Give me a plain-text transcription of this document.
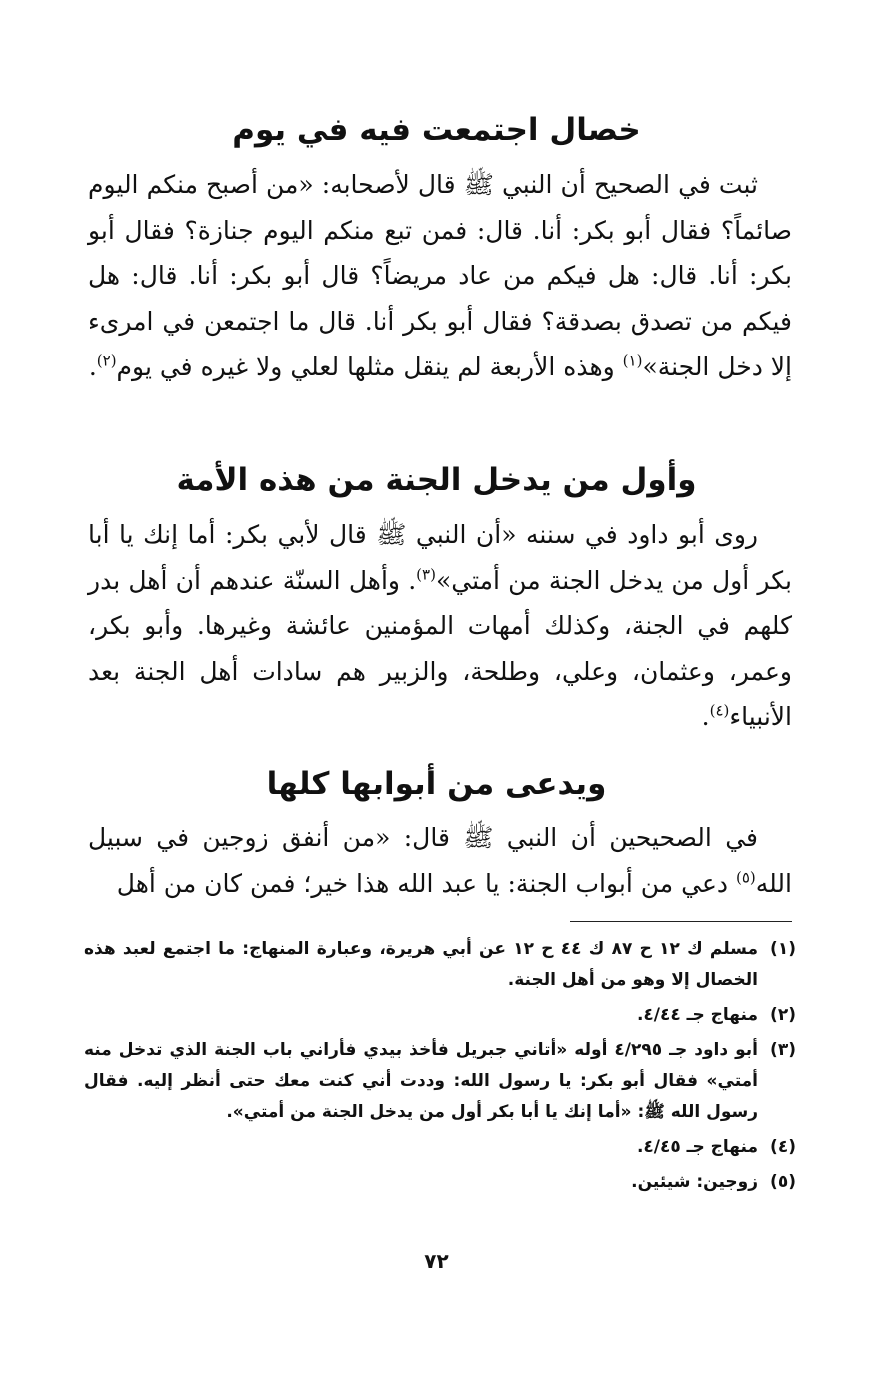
خصال اجتمعت فيه في يوم

ثبت في الصحيح أن النبي ﷺ قال لأصحابه: «من أصبح منكم اليوم صائماً؟ فقال أبو بكر: أنا. قال: فمن تبع منكم اليوم جنازة؟ فقال أبو بكر: أنا. قال: هل فيكم من عاد مريضاً؟ قال أبو بكر: أنا. قال: هل فيكم من تصدق بصدقة؟ فقال أبو بكر أنا. قال ما اجتمعن في امرىء إلا دخل الجنة»$^{(١)}$ وهذه الأربعة لم ينقل مثلها لعلي ولا غيره في يوم$^{(٢)}$.

وأول من يدخل الجنة من هذه الأمة

روى أبو داود في سننه «أن النبي ﷺ قال لأبي بكر: أما إنك يا أبا بكر أول من يدخل الجنة من أمتي»$^{(٣)}$. وأهل السنّة عندهم أن أهل بدر كلهم في الجنة، وكذلك أمهات المؤمنين عائشة وغيرها. وأبو بكر، وعمر، وعثمان، وعلي، وطلحة، والزبير هم سادات أهل الجنة بعد الأنبياء$^{(٤)}$.

ويدعى من أبوابها كلها

في الصحيحين أن النبي ﷺ قال: «من أنفق زوجين في سبيل الله$^{(٥)}$ دعي من أبواب الجنة: يا عبد الله هذا خير؛ فمن كان من أهل

(١)
مسلم ك ١٢ ح ٨٧ ك ٤٤ ح ١٢ عن أبي هريرة، وعبارة المنهاج: ما اجتمع لعبد هذه الخصال إلا وهو من أهل الجنة.
(٢)
منهاج جـ ٤/٤٤.
(٣)
أبو داود جـ ٤/٢٩٥ أوله «أتاني جبريل فأخذ بيدي فأراني باب الجنة الذي تدخل منه أمتي» فقال أبو بكر: يا رسول الله: وددت أني كنت معك حتى أنظر إليه. فقال رسول الله ﷺ: «أما إنك يا أبا بكر أول من يدخل الجنة من أمتي».
(٤)
منهاج جـ ٤/٤٥.
(٥)
زوجين: شيئين.
٧٢
